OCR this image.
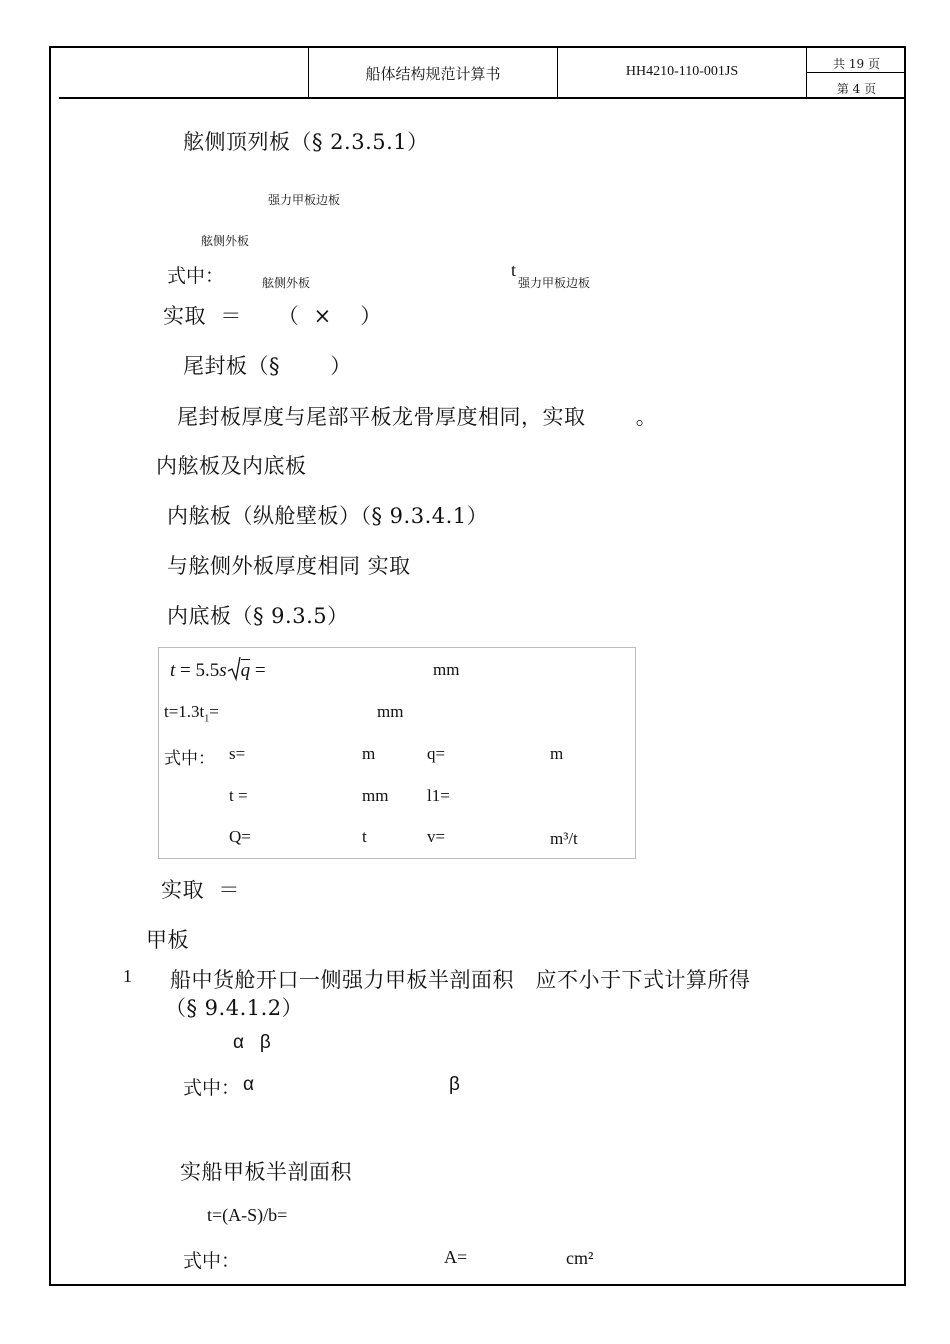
船体结构规范计算书	HH4210-110-001JS	共 19 页
第 4 页
舷侧顶列板（§ 2.3.5.1）
强力甲板边板
舷侧外板
式中：	舷侧外板
t
强力甲板边板
实取  ＝     （  ×    ）
尾封板（§       ）
尾封板厚度与尾部平板龙骨厚度相同，实取       。
内舷板及内底板
内舷板（纵舱壁板）（§ 9.3.4.1）
与舷侧外板厚度相同 实取
内底板（§ 9.3.5）
t = 5.5s q =	mm
$t=1.3t_1=$	mm
式中： s=	m	q=	m
t =	mm l1=
Q=	t	v=	m³/t
实取  ＝
甲板
1 船中货舱开口一侧强力甲板半剖面积   应不小于下式计算所得
（§ 9.4.1.2）
α   β
式中： α	β
实船甲板半剖面积
t=(A-S)/b=
式中：	A=	cm²
